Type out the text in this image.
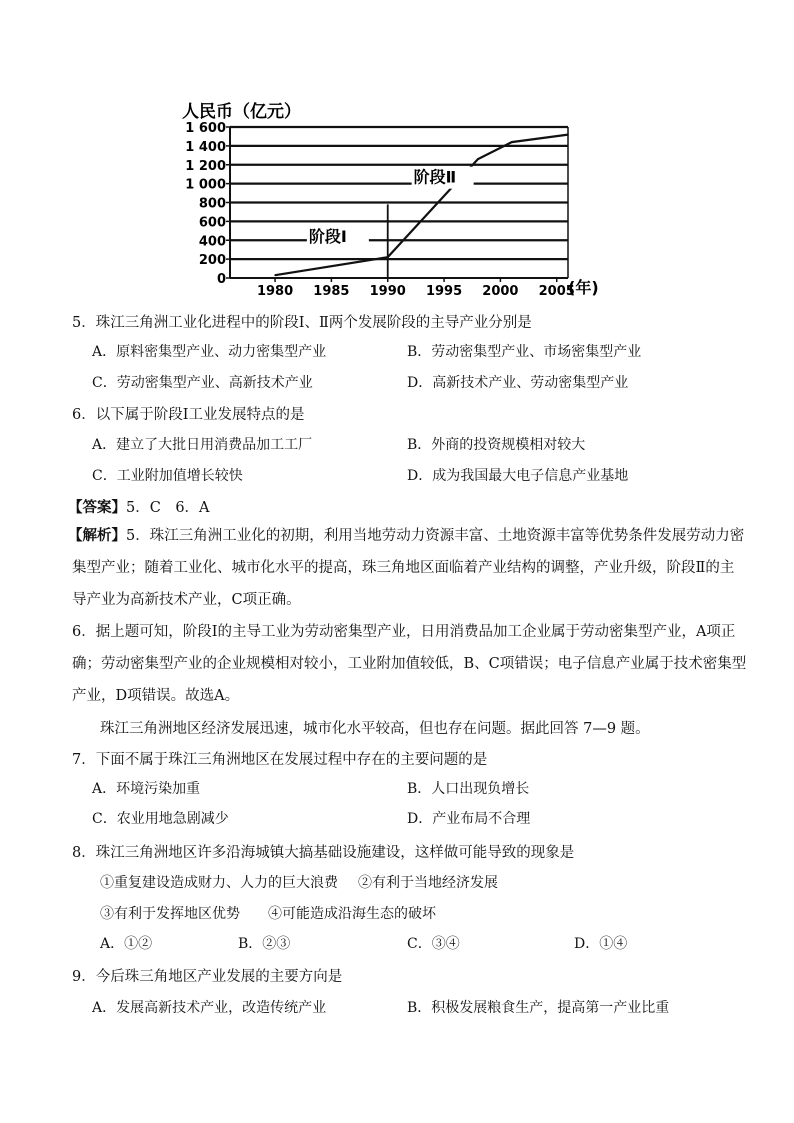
人民币（亿元）
(年)
0
200
400
600
800
1 000
1 200
1 400
1 600
1980 1985 1990 1995 2000 2005
阶段Ⅰ
阶段Ⅱ
5．珠江三角洲工业化进程中的阶段Ⅰ、Ⅱ两个发展阶段的主导产业分别是
A．原料密集型产业、动力密集型产业	B．劳动密集型产业、市场密集型产业
C．劳动密集型产业、高新技术产业	D．高新技术产业、劳动密集型产业
6．以下属于阶段Ⅰ工业发展特点的是
A．建立了大批日用消费品加工工厂	B．外商的投资规模相对较大
C．工业附加值增长较快	D．成为我国最大电子信息产业基地
【答案】5．C　6．A
【解析】5．珠江三角洲工业化的初期，利用当地劳动力资源丰富、土地资源丰富等优势条件发展劳动力密
集型产业；随着工业化、城市化水平的提高，珠三角地区面临着产业结构的调整，产业升级，阶段Ⅱ的主
导产业为高新技术产业，C项正确。
6．据上题可知，阶段Ⅰ的主导工业为劳动密集型产业，日用消费品加工企业属于劳动密集型产业，A项正
确；劳动密集型产业的企业规模相对较小，工业附加值较低，B、C项错误；电子信息产业属于技术密集型
产业，D项错误。故选A。
珠江三角洲地区经济发展迅速，城市化水平较高，但也存在问题。据此回答 7—9 题。
7．下面不属于珠江三角洲地区在发展过程中存在的主要问题的是
A．环境污染加重	B．人口出现负增长
C．农业用地急剧减少	D．产业布局不合理
8．珠江三角洲地区许多沿海城镇大搞基础设施建设，这样做可能导致的现象是
①重复建设造成财力、人力的巨大浪费 ②有利于当地经济发展
③有利于发挥地区优势 ④可能造成沿海生态的破坏
A．①②	B．②③	C．③④	D．①④
9．今后珠三角地区产业发展的主要方向是
A．发展高新技术产业，改造传统产业	B．积极发展粮食生产，提高第一产业比重
